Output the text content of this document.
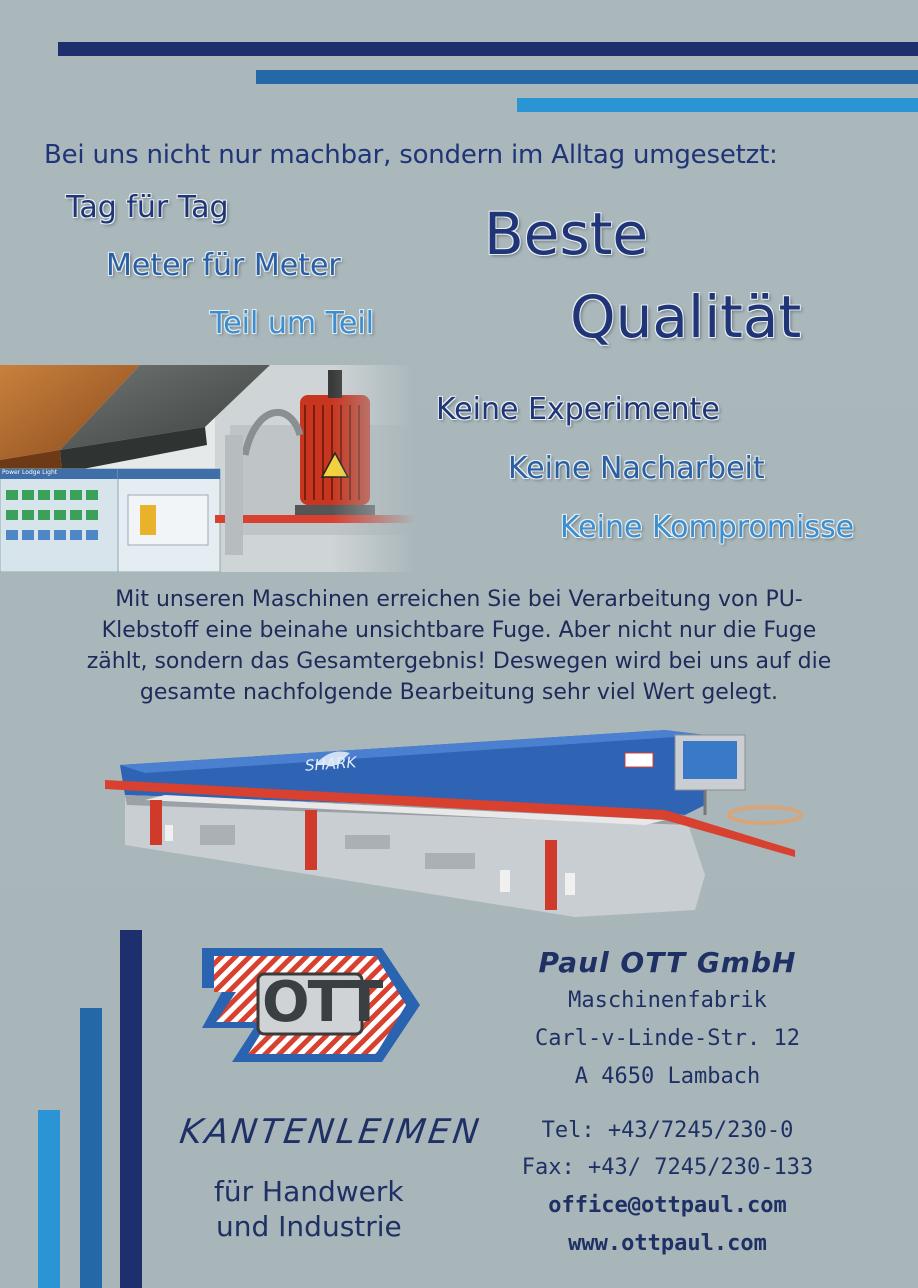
Bei uns nicht nur machbar, sondern im Alltag umgesetzt:
Tag für Tag
Meter für Meter
Teil um Teil
Beste
Qualität
Keine Experimente
Keine Nacharbeit
Keine Kompromisse
Power Lodge Light
Mit unseren Maschinen erreichen Sie bei Verarbeitung von PU-
Klebstoff eine beinahe unsichtbare Fuge. Aber nicht nur die Fuge
zählt, sondern das Gesamtergebnis! Deswegen wird bei uns auf die
gesamte nachfolgende Bearbeitung sehr viel Wert gelegt.
SHARK
OTT
KANTENLEIMEN
für Handwerk
und Industrie
Paul OTT GmbH
Maschinenfabrik
Carl-v-Linde-Str. 12
A 4650 Lambach
Tel: +43/7245/230-0
Fax: +43/ 7245/230-133
office@ottpaul.com
www.ottpaul.com
